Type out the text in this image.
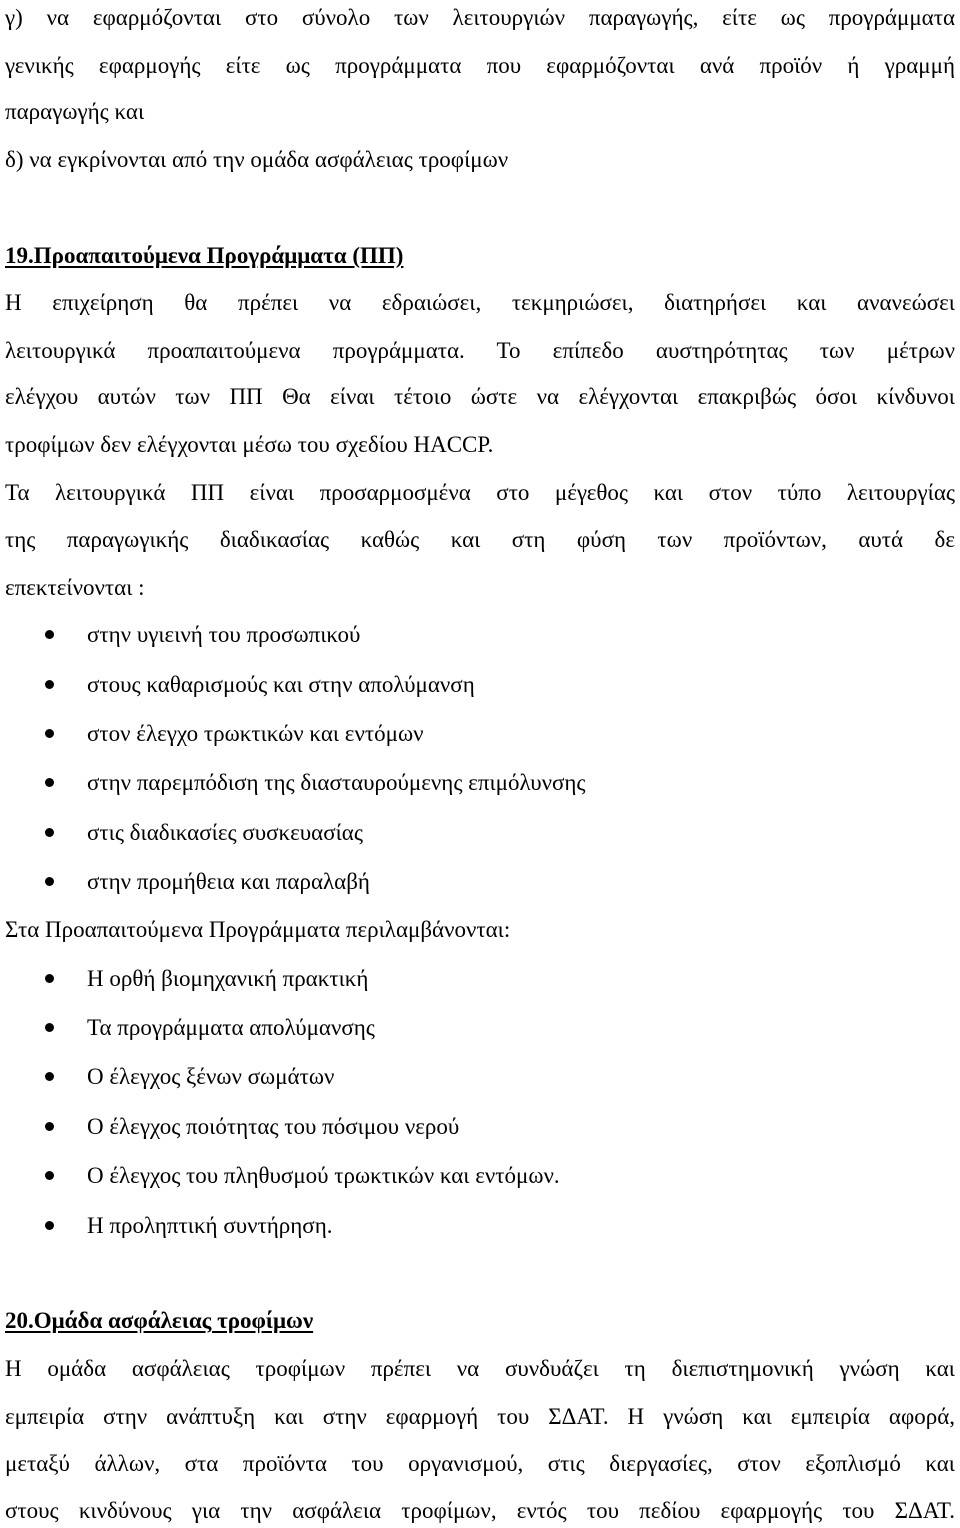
γ) να εφαρμόζονται στο σύνολο των λειτουργιών παραγωγής, είτε ως προγράμματα
γενικής εφαρμογής είτε ως προγράμματα που εφαρμόζονται ανά προϊόν ή γραμμή
παραγωγής και
δ) να εγκρίνονται από την ομάδα ασφάλειας τροφίμων
19.Προαπαιτούμενα Προγράμματα (ΠΠ)
Η επιχείρηση θα πρέπει να εδραιώσει, τεκμηριώσει, διατηρήσει και ανανεώσει
λειτουργικά προαπαιτούμενα προγράμματα. Το επίπεδο αυστηρότητας των μέτρων
ελέγχου αυτών των ΠΠ Θα είναι τέτοιο ώστε να ελέγχονται επακριβώς όσοι κίνδυνοι
τροφίμων δεν ελέγχονται μέσω του σχεδίου HACCP.
Τα λειτουργικά ΠΠ είναι προσαρμοσμένα στο μέγεθος και στον τύπο λειτουργίας
της παραγωγικής διαδικασίας καθώς και στη φύση των προϊόντων, αυτά δε
επεκτείνονται :
στην υγιεινή του προσωπικού
στους καθαρισμούς και στην απολύμανση
στον έλεγχο τρωκτικών και εντόμων
στην παρεμπόδιση της διασταυρούμενης επιμόλυνσης
στις διαδικασίες συσκευασίας
στην προμήθεια και παραλαβή
Στα Προαπαιτούμενα Προγράμματα περιλαμβάνονται:
Η ορθή βιομηχανική πρακτική
Τα προγράμματα απολύμανσης
Ο έλεγχος ξένων σωμάτων
Ο έλεγχος ποιότητας του πόσιμου νερού
Ο έλεγχος του πληθυσμού τρωκτικών και εντόμων.
Η προληπτική συντήρηση.
20.Ομάδα ασφάλειας τροφίμων
Η ομάδα ασφάλειας τροφίμων πρέπει να συνδυάζει τη διεπιστημονική γνώση και
εμπειρία στην ανάπτυξη και στην εφαρμογή του ΣΔΑΤ. Η γνώση και εμπειρία αφορά,
μεταξύ άλλων, στα προϊόντα του οργανισμού, στις διεργασίες, στον εξοπλισμό και
στους κινδύνους για την ασφάλεια τροφίμων, εντός του πεδίου εφαρμογής του ΣΔΑΤ.
